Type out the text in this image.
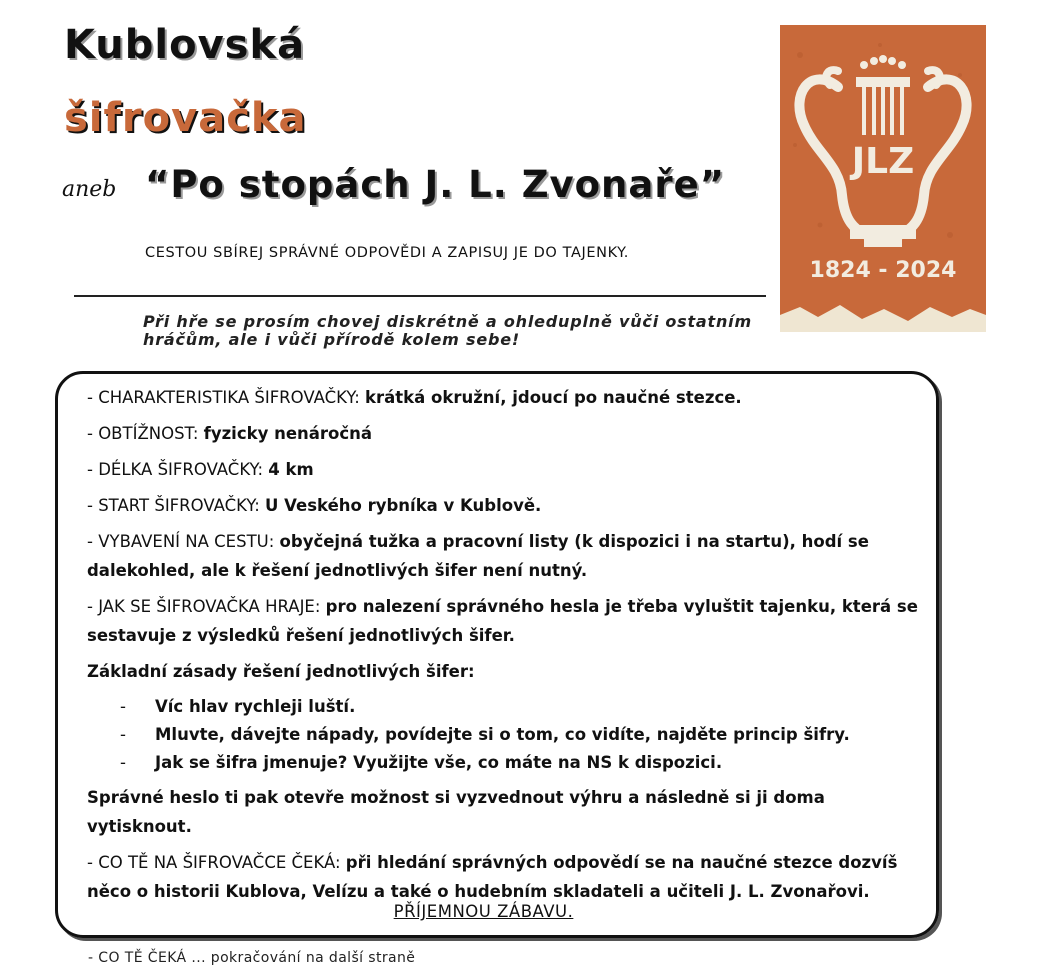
Kublovská
šifrovačka
aneb “Po stopách J. L. Zvonaře”
CESTOU SBÍREJ SPRÁVNÉ ODPOVĚDI A ZAPISUJ JE DO TAJENKY.
Při hře se prosím chovej diskrétně a ohleduplně vůči ostatním hráčům, ale i vůči přírodě kolem sebe!
JLZ
1824 - 2024

- CHARAKTERISTIKA ŠIFROVAČKY: krátká okružní, jdoucí po naučné stezce.

- OBTÍŽNOST: fyzicky nenáročná

- DÉLKA ŠIFROVAČKY: 4 km

- START ŠIFROVAČKY: U Veského rybníka v Kublově.

- VYBAVENÍ NA CESTU: obyčejná tužka a pracovní listy (k dispozici i na startu), hodí se dalekohled, ale k řešení jednotlivých šifer není nutný.

- JAK SE ŠIFROVAČKA HRAJE: pro nalezení správného hesla je třeba vyluštit tajenku, která se sestavuje z výsledků řešení jednotlivých šifer.

Základní zásady řešení jednotlivých šifer:

- Víc hlav rychleji luští.
- Mluvte, dávejte nápady, povídejte si o tom, co vidíte, najděte princip šifry.
- Jak se šifra jmenuje? Využijte vše, co máte na NS k dispozici.

Správné heslo ti pak otevře možnost si vyzvednout výhru a následně si ji doma vytisknout.

- CO TĚ NA ŠIFROVAČCE ČEKÁ: při hledání správných odpovědí se na naučné stezce dozvíš něco o historii Kublova, Velízu a také o hudebním skladateli a učiteli J. L. Zvonařovi.

PŘÍJEMNOU ZÁBAVU.
- CO TĚ ČEKÁ ... pokračování na další straně
